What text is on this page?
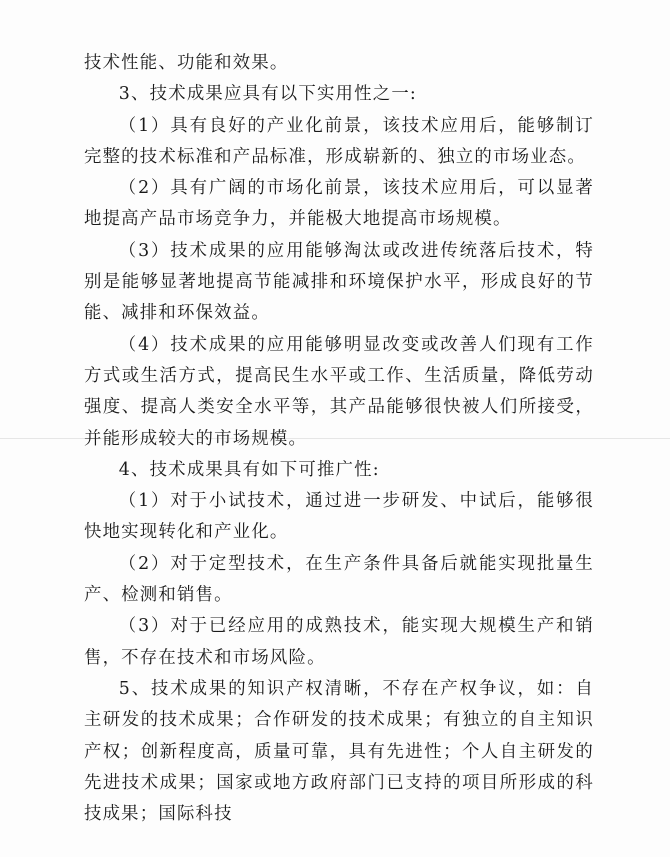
技术性能、功能和效果。

3、技术成果应具有以下实用性之一:

（1）具有良好的产业化前景，该技术应用后，能够制订完整的技术标准和产品标准，形成崭新的、独立的市场业态。

（2）具有广阔的市场化前景，该技术应用后，可以显著地提高产品市场竞争力，并能极大地提高市场规模。

（3）技术成果的应用能够淘汰或改进传统落后技术，特别是能够显著地提高节能减排和环境保护水平，形成良好的节能、减排和环保效益。

（4）技术成果的应用能够明显改变或改善人们现有工作方式或生活方式，提高民生水平或工作、生活质量，降低劳动强度、提高人类安全水平等，其产品能够很快被人们所接受，并能形成较大的市场规模。

4、技术成果具有如下可推广性:

（1）对于小试技术，通过进一步研发、中试后，能够很快地实现转化和产业化。

（2）对于定型技术，在生产条件具备后就能实现批量生产、检测和销售。

（3）对于已经应用的成熟技术，能实现大规模生产和销售，不存在技术和市场风险。

5、技术成果的知识产权清晰，不存在产权争议，如：自主研发的技术成果；合作研发的技术成果；有独立的自主知识产权；创新程度高，质量可靠，具有先进性；个人自主研发的先进技术成果；国家或地方政府部门已支持的项目所形成的科技成果；国际科技
